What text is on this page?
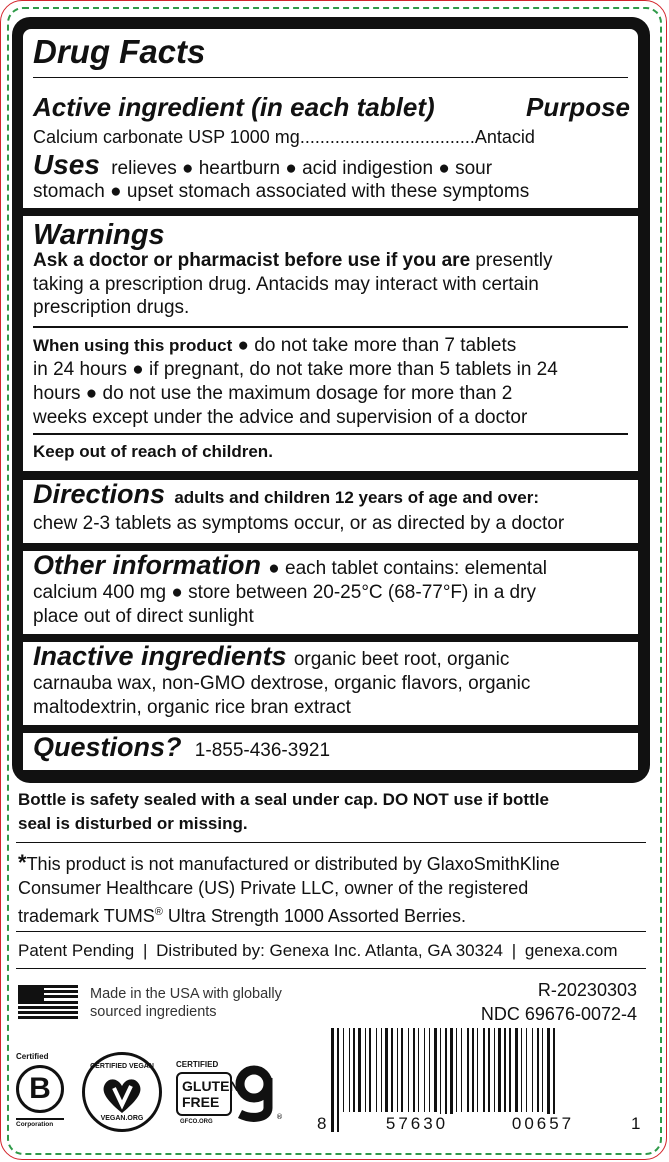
Drug Facts
Active ingredient (in each tablet)	Purpose
Calcium carbonate USP 1000 mg...................................Antacid
Uses relieves ● heartburn ● acid indigestion ● sour
stomach ● upset stomach associated with these symptoms
Warnings
Ask a doctor or pharmacist before use if you are presently
taking a prescription drug. Antacids may interact with certain
prescription drugs.
When using this product ● do not take more than 7 tablets
in 24 hours ● if pregnant, do not take more than 5 tablets in 24
hours ● do not use the maximum dosage for more than 2
weeks except under the advice and supervision of a doctor
Keep out of reach of children.
Directions adults and children 12 years of age and over:
chew 2-3 tablets as symptoms occur, or as directed by a doctor
Other information ● each tablet contains: elemental
calcium 400 mg ● store between 20-25°C (68-77°F) in a dry
place out of direct sunlight
Inactive ingredients organic beet root, organic
carnauba wax, non-GMO dextrose, organic flavors, organic
maltodextrin, organic rice bran extract
Questions? 1-855-436-3921
Bottle is safety sealed with a seal under cap. DO NOT use if bottle
seal is disturbed or missing.
*This product is not manufactured or distributed by GlaxoSmithKline
Consumer Healthcare (US) Private LLC, owner of the registered
trademark TUMS® Ultra Strength 1000 Assorted Berries.
Patent Pending | Distributed by: Genexa Inc. Atlanta, GA 30324 | genexa.com
Made in the USA with globally
sourced ingredients
R-20230303
NDC 69676-0072-4
Certified
B
Corporation
CERTIFIED VEGAN
VEGAN.ORG
CERTIFIED
GLUTEN
FREE
®
GFCO.ORG	8	57630	00657	1
